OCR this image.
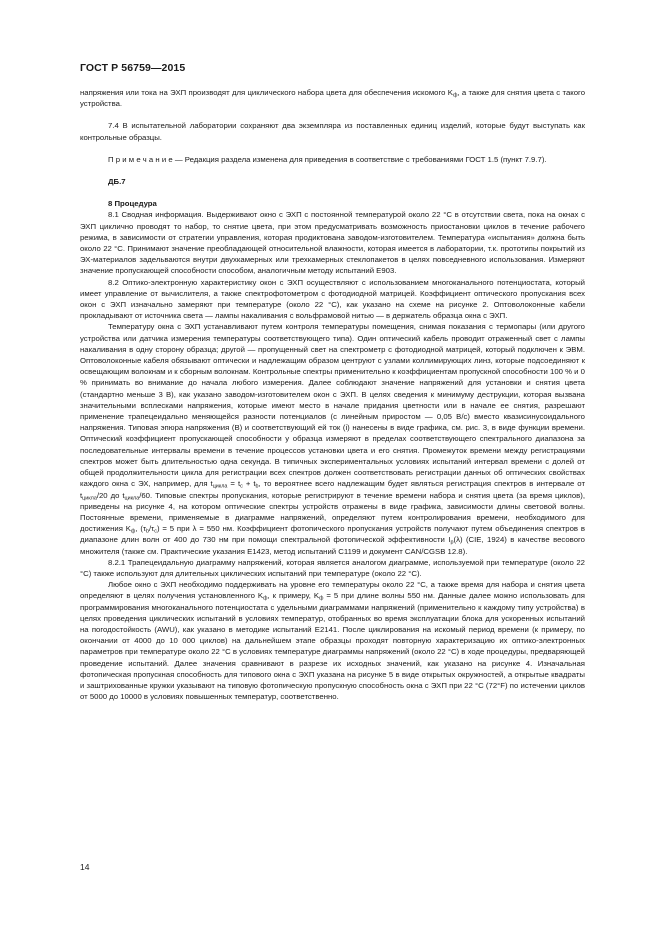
ГОСТ Р 56759—2015

напряжения или тока на ЭХП производят для циклического набора цвета для обеспечения искомого $K_ф$, а также для снятия цвета с такого устройства.

7.4 В испытательной лаборатории сохраняют два экземпляра из поставленных единиц изделий, которые будут выступать как контрольные образцы.

Примечание— Редакция раздела изменена для приведения в соответствие с требованиями ГОСТ 1.5 (пункт 7.9.7).

ДБ.7

8 Процедура

8.1 Сводная информация. Выдерживают окно с ЭХП с постоянной температурой около 22 °С в отсутствии света, пока на окнах с ЭХП циклично проводят то набор, то снятие цвета, при этом предусматривать возможность приостановки циклов в течение рабочего режима, в зависимости от стратегии управления, которая продиктована заводом-изготовителем. Температура «испытания» должна быть около 22 °С. Принимают значение преобладающей относительной влажности, которая имеется в лаборатории, т.к. прототипы покрытий из ЭХ-материалов задельваются внутри двухкамерных или трехкамерных стеклопакетов в целях повседневного использования. Измеряют значение пропускающей способности способом, аналогичным методу испытаний Е903.

8.2 Оптико-электронную характеристику окон с ЭХП осуществляют с использованием многоканального потенциостата, который имеет управление от вычислителя, а также спектрофотометром с фотодиодной матрицей. Коэффициент оптического пропускания всех окон с ЭХП изначально замеряют при температуре (около 22 °С), как указано на схеме на рисунке 2. Оптоволоконные кабели прокладывают от источника света — лампы накаливания с вольфрамовой нитью — в держатель образца окна с ЭХП.

Температуру окна с ЭХП устанавливают путем контроля температуры помещения, снимая показания с термопары (или другого устройства или датчика измерения температуры соответствующего типа). Один оптический кабель проводит отраженный свет с лампы накаливания в одну сторону образца; другой — пропущенный свет на спектрометр с фотодиодной матрицей, который подключен к ЭВМ. Оптоволоконные кабеля обязывают оптически и надлежащим образом центруют с узлами коллимирующих линз, которые подсоединяют к освещающим волокнам и к сборным волокнам. Контрольные спектры применительно к коэффициентам пропускной способности 100 % и 0 % принимать во внимание до начала любого измерения. Далее соблюдают значение напряжений для установки и снятия цвета (стандартно меньше 3 В), как указано заводом-изготовителем окон с ЭХП. В целях сведения к минимуму деструкции, которая вызвана значительными всплесками напряжения, которые имеют место в начале придания цветности или в начале ее снятия, разрешают применение трапецеидально меняющейся разности потенциалов (с линейным приростом — 0,05 В/с) вместо квазисинусоидального напряжения. Типовая эпюра напряжения (В) и соответствующий ей ток (i) нанесены в виде графика, см. рис. 3, в виде функции времени. Оптический коэффициент пропускающей способности у образца измеряют в пределах соответствующего спектрального диапазона за последовательные интервалы времени в течение процессов установки цвета и его снятия. Промежуток времени между регистрациями спектров может быть длительностью одна секунда. В типичных экспериментальных условиях испытаний интервал времени с долей от общей продолжительности цикла для регистрации всех спектров должен соответствовать регистрации данных об оптических свойствах каждого окна с ЭХ, например, для $t_{цикла} = t_c + t_b$, то вероятнее всего надлежащим будет являться регистрация спектров в интервале от $t_{цикла}/20$ до $t_{цикла}/60$. Типовые спектры пропускания, которые регистрируют в течение времени набора и снятия цвета (за время циклов), приведены на рисунке 4, на котором оптические спектры устройств отражены в виде графика, зависимости длины световой волны. Постоянные времени, применяемые в диаграмме напряжений, определяют путем контролирования времени, необходимого для достижения $K_ф$, $(\tau_b/\tau_c) = 5$ при λ = 550 нм. Коэффициент фотопического пропускания устройств получают путем объединения спектров в диапазоне длин волн от 400 до 730 нм при помощи спектральной фотопической эффективности $I_р(\lambda)$ (CIE, 1924) в качестве весового множителя (также см. Практические указания Е1423, метод испытаний С1199 и документ CAN/CGSB 12.8).

8.2.1 Трапецеидальную диаграмму напряжений, которая является аналогом диаграмме, используемой при температуре (около 22 °С) также используют для длительных циклических испытаний при температуре (около 22 °С).

Любое окно с ЭХП необходимо поддерживать на уровне его температуры около 22 °С, а также время для набора и снятия цвета определяют в целях получения установленного $K_ф$, к примеру, $K_ф = 5$ при длине волны 550 нм. Данные далее можно использовать для программирования многоканального потенциостата с удельными диаграммами напряжений (применительно к каждому типу устройства) в целях проведения циклических испытаний в условиях температур, отобранных во время эксплуатации блока для ускоренных испытаний на погодостойкость (AWU), как указано в методике испытаний Е2141. После циклирования на искомый период времени (к примеру, по окончании от 4000 до 10 000 циклов) на дальнейшем этапе образцы проходят повторную характеризацию их оптико-электронных параметров при температуре около 22 °С в условиях температуре диаграммы напряжений (около 22 °С) в ходе процедуры, предваряющей проведение испытаний. Далее значения сравнивают в разрезе их исходных значений, как указано на рисунке 4. Изначальная фотопическая пропускная способность для типового окна с ЭХП указана на рисунке 5 в виде открытых окружностей, а открытые квадраты и заштрихованные кружки указывают на типовую фотопическую пропускную способность окна с ЭХП при 22 °С (72°F) по истечении циклов от 5000 до 10000 в условиях повышенных температур, соответственно.

14
